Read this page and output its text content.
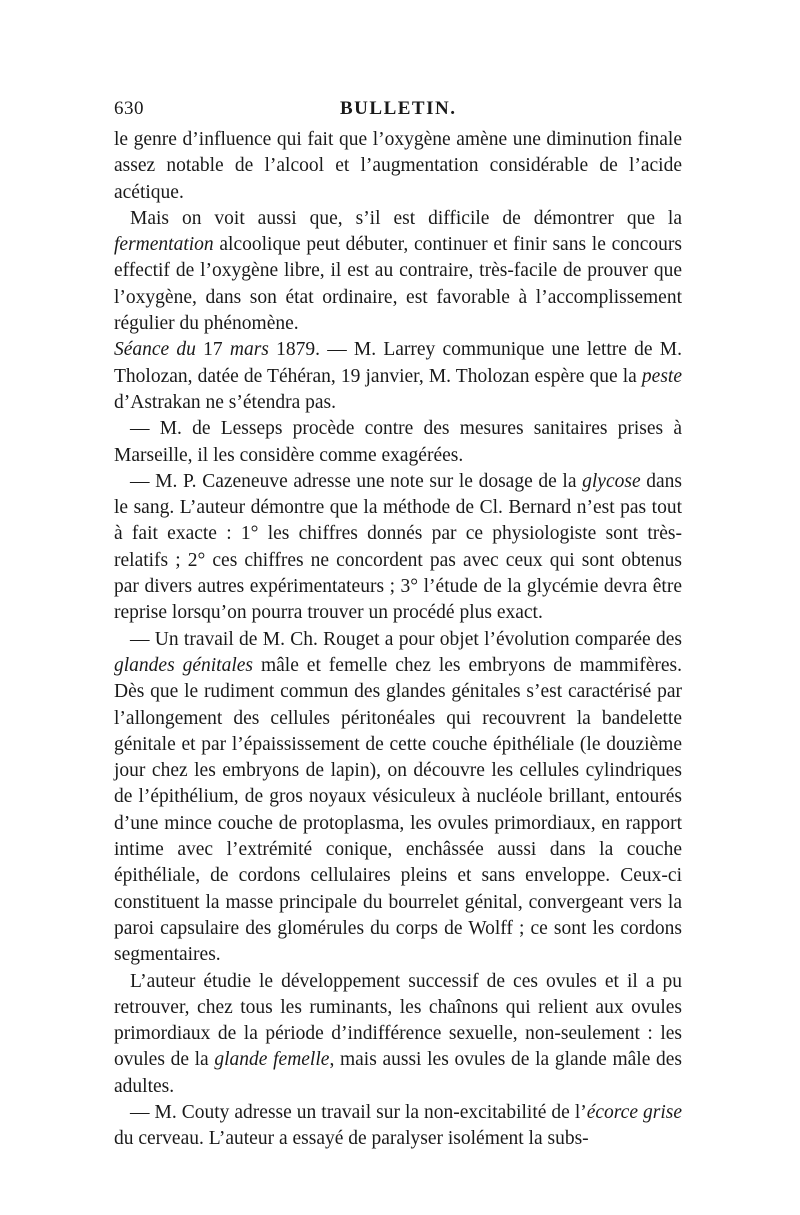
630	BULLETIN.

le genre d’influence qui fait que l’oxygène amène une diminution finale assez notable de l’alcool et l’augmentation considérable de l’acide acétique.

Mais on voit aussi que, s’il est difficile de démontrer que la fermentation alcoolique peut débuter, continuer et finir sans le concours effectif de l’oxygène libre, il est au contraire, très-facile de prouver que l’oxygène, dans son état ordinaire, est favorable à l’accomplissement régulier du phénomène.

Séance du 17 mars 1879. — M. Larrey communique une lettre de M. Tholozan, datée de Téhéran, 19 janvier, M. Tholozan espère que la peste d’Astrakan ne s’étendra pas.

— M. de Lesseps procède contre des mesures sanitaires prises à Marseille, il les considère comme exagérées.

— M. P. Cazeneuve adresse une note sur le dosage de la glycose dans le sang. L’auteur démontre que la méthode de Cl. Bernard n’est pas tout à fait exacte : 1° les chiffres donnés par ce physiologiste sont très-relatifs ; 2° ces chiffres ne concordent pas avec ceux qui sont obtenus par divers autres expérimentateurs ; 3° l’étude de la glycémie devra être reprise lorsqu’on pourra trouver un procédé plus exact.

— Un travail de M. Ch. Rouget a pour objet l’évolution comparée des glandes génitales mâle et femelle chez les embryons de mammifères. Dès que le rudiment commun des glandes génitales s’est caractérisé par l’allongement des cellules péritonéales qui recouvrent la bandelette génitale et par l’épaississement de cette couche épithéliale (le douzième jour chez les embryons de lapin), on découvre les cellules cylindriques de l’épithélium, de gros noyaux vésiculeux à nucléole brillant, entourés d’une mince couche de protoplasma, les ovules primordiaux, en rapport intime avec l’extrémité conique, enchâssée aussi dans la couche épithéliale, de cordons cellulaires pleins et sans enveloppe. Ceux-ci constituent la masse principale du bourrelet génital, convergeant vers la paroi capsulaire des glomérules du corps de Wolff ; ce sont les cordons segmentaires.

L’auteur étudie le développement successif de ces ovules et il a pu retrouver, chez tous les ruminants, les chaînons qui relient aux ovules primordiaux de la période d’indifférence sexuelle, non-seulement : les ovules de la glande femelle, mais aussi les ovules de la glande mâle des adultes.

— M. Couty adresse un travail sur la non-excitabilité de l’écorce grise du cerveau. L’auteur a essayé de paralyser isolément la subs-
